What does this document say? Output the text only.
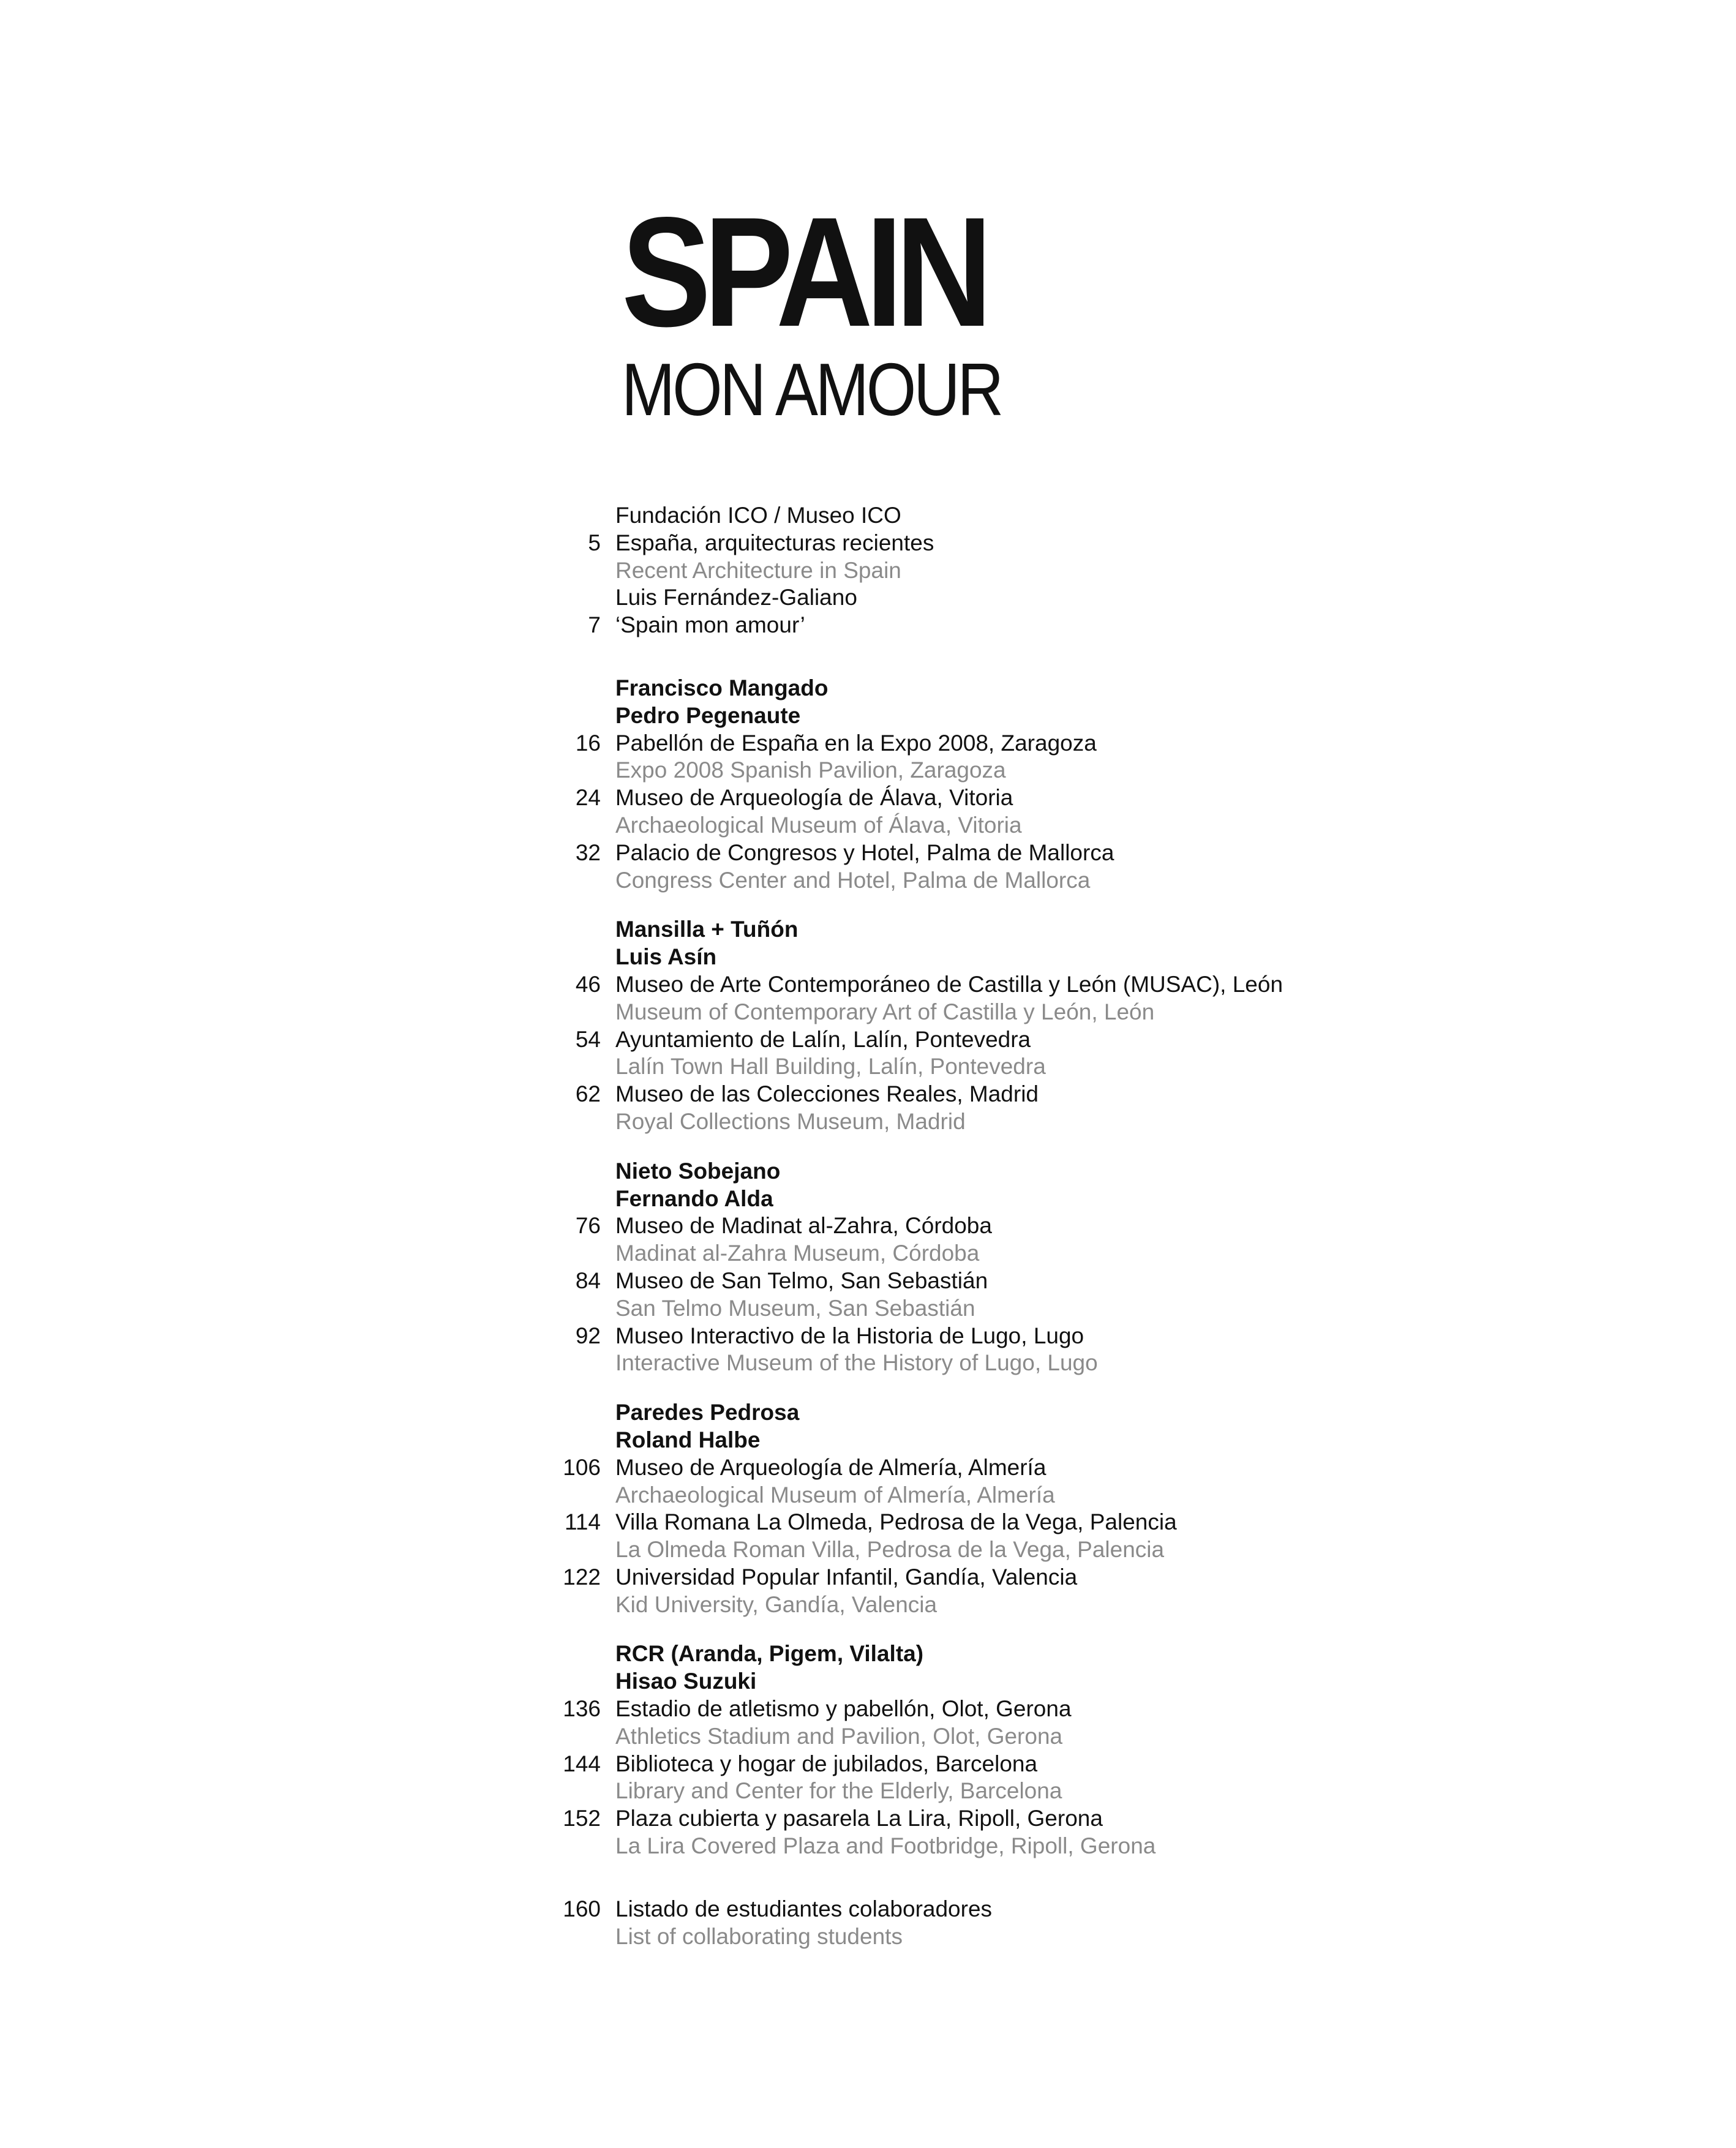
SPAIN
MON AMOUR
Fundación ICO / Museo ICO
5 España, arquitecturas recientes
Recent Architecture in Spain
Luis Fernández-Galiano
7 ‘Spain mon amour’
Francisco Mangado
Pedro Pegenaute
16 Pabellón de España en la Expo 2008, Zaragoza
Expo 2008 Spanish Pavilion, Zaragoza
24 Museo de Arqueología de Álava, Vitoria
Archaeological Museum of Álava, Vitoria
32 Palacio de Congresos y Hotel, Palma de Mallorca
Congress Center and Hotel, Palma de Mallorca
Mansilla + Tuñón
Luis Asín
46 Museo de Arte Contemporáneo de Castilla y León (MUSAC), León
Museum of Contemporary Art of Castilla y León, León
54 Ayuntamiento de Lalín, Lalín, Pontevedra
Lalín Town Hall Building, Lalín, Pontevedra
62 Museo de las Colecciones Reales, Madrid
Royal Collections Museum, Madrid
Nieto Sobejano
Fernando Alda
76 Museo de Madinat al-Zahra, Córdoba
Madinat al-Zahra Museum, Córdoba
84 Museo de San Telmo, San Sebastián
San Telmo Museum, San Sebastián
92 Museo Interactivo de la Historia de Lugo, Lugo
Interactive Museum of the History of Lugo, Lugo
Paredes Pedrosa
Roland Halbe
106 Museo de Arqueología de Almería, Almería
Archaeological Museum of Almería, Almería
114 Villa Romana La Olmeda, Pedrosa de la Vega, Palencia
La Olmeda Roman Villa, Pedrosa de la Vega, Palencia
122 Universidad Popular Infantil, Gandía, Valencia
Kid University, Gandía, Valencia
RCR (Aranda, Pigem, Vilalta)
Hisao Suzuki
136 Estadio de atletismo y pabellón, Olot, Gerona
Athletics Stadium and Pavilion, Olot, Gerona
144 Biblioteca y hogar de jubilados, Barcelona
Library and Center for the Elderly, Barcelona
152 Plaza cubierta y pasarela La Lira, Ripoll, Gerona
La Lira Covered Plaza and Footbridge, Ripoll, Gerona
160 Listado de estudiantes colaboradores
List of collaborating students
